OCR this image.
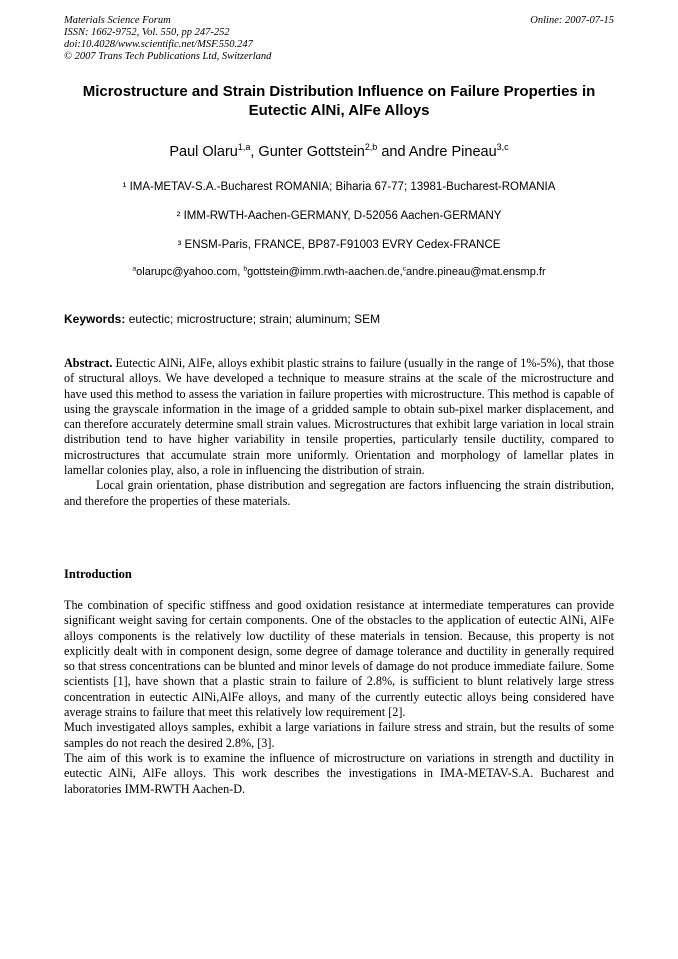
Materials Science Forum
ISSN: 1662-9752, Vol. 550, pp 247-252
doi:10.4028/www.scientific.net/MSF.550.247
© 2007 Trans Tech Publications Ltd, Switzerland
Online: 2007-07-15
Microstructure and Strain Distribution Influence on Failure Properties in Eutectic AlNi, AlFe Alloys
Paul Olaru$^{1,a}$, Gunter Gottstein$^{2,b}$ and Andre Pineau$^{3,c}$
¹ IMA-METAV-S.A.-Bucharest ROMANIA; Biharia 67-77; 13981-Bucharest-ROMANIA
² IMM-RWTH-Aachen-GERMANY, D-52056 Aachen-GERMANY
³ ENSM-Paris, FRANCE, BP87-F91003 EVRY Cedex-FRANCE
$^a$olarupc@yahoo.com, $^b$gottstein@imm.rwth-aachen.de,$^c$andre.pineau@mat.ensmp.fr
Keywords: eutectic; microstructure; strain; aluminum; SEM

Abstract. Eutectic AlNi, AlFe, alloys exhibit plastic strains to failure (usually in the range of 1%-5%), that those of structural alloys. We have developed a technique to measure strains at the scale of the microstructure and have used this method to assess the variation in failure properties with microstructure. This method is capable of using the grayscale information in the image of a gridded sample to obtain sub-pixel marker displacement, and can therefore accurately determine small strain values. Microstructures that exhibit large variation in local strain distribution tend to have higher variability in tensile properties, particularly tensile ductility, compared to microstructures that accumulate strain more uniformly. Orientation and morphology of lamellar plates in lamellar colonies play, also, a role in influencing the distribution of strain.

Local grain orientation, phase distribution and segregation are factors influencing the strain distribution, and therefore the properties of these materials.

Introduction

The combination of specific stiffness and good oxidation resistance at intermediate temperatures can provide significant weight saving for certain components. One of the obstacles to the application of eutectic AlNi, AlFe alloys components is the relatively low ductility of these materials in tension. Because, this property is not explicitly dealt with in component design, some degree of damage tolerance and ductility in generally required so that stress concentrations can be blunted and minor levels of damage do not produce immediate failure. Some scientists [1], have shown that a plastic strain to failure of 2.8%, is sufficient to blunt relatively large stress concentration in eutectic AlNi,AlFe alloys, and many of the currently eutectic alloys being considered have average strains to failure that meet this relatively low requirement [2].

Much investigated alloys samples, exhibit a large variations in failure stress and strain, but the results of some samples do not reach the desired 2.8%, [3].

The aim of this work is to examine the influence of microstructure on variations in strength and ductility in eutectic AlNi, AlFe alloys. This work describes the investigations in IMA-METAV-S.A. Bucharest and laboratories IMM-RWTH Aachen-D.
